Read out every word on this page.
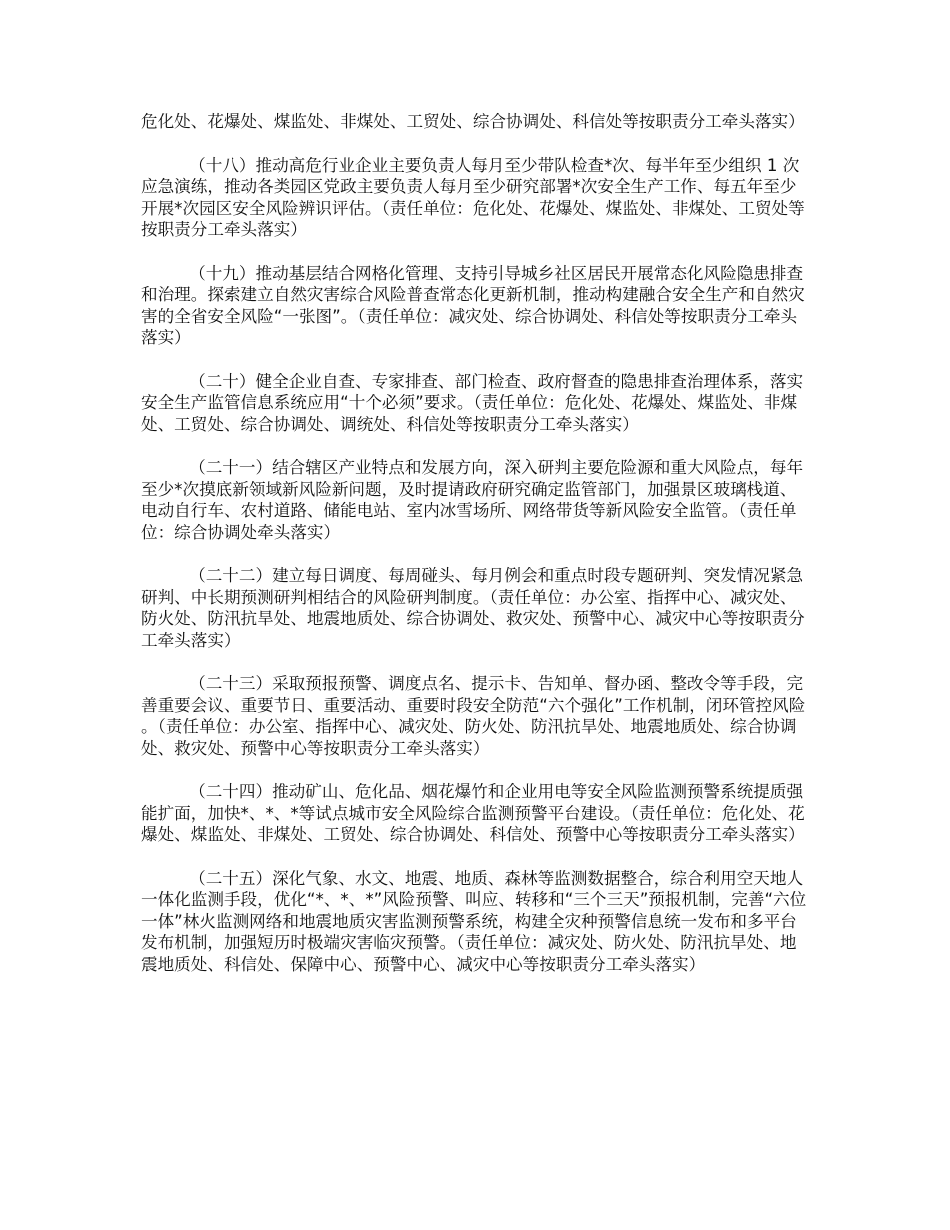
危化处、花爆处、煤监处、非煤处、工贸处、综合协调处、科信处等按职责分工牵头落实）

（十八）推动高危行业企业主要负责人每月至少带队检查*次、每半年至少组织 1 次应急演练，推动各类园区党政主要负责人每月至少研究部署*次安全生产工作、每五年至少开展*次园区安全风险辨识评估。（责任单位：危化处、花爆处、煤监处、非煤处、工贸处等按职责分工牵头落实）

（十九）推动基层结合网格化管理、支持引导城乡社区居民开展常态化风险隐患排查和治理。探索建立自然灾害综合风险普查常态化更新机制，推动构建融合安全生产和自然灾害的全省安全风险“一张图”。（责任单位：减灾处、综合协调处、科信处等按职责分工牵头落实）

（二十）健全企业自查、专家排查、部门检查、政府督查的隐患排查治理体系，落实安全生产监管信息系统应用“十个必须”要求。（责任单位：危化处、花爆处、煤监处、非煤处、工贸处、综合协调处、调统处、科信处等按职责分工牵头落实）

（二十一）结合辖区产业特点和发展方向，深入研判主要危险源和重大风险点，每年至少*次摸底新领域新风险新问题，及时提请政府研究确定监管部门，加强景区玻璃栈道、电动自行车、农村道路、储能电站、室内冰雪场所、网络带货等新风险安全监管。（责任单位：综合协调处牵头落实）

（二十二）建立每日调度、每周碰头、每月例会和重点时段专题研判、突发情况紧急研判、中长期预测研判相结合的风险研判制度。（责任单位：办公室、指挥中心、减灾处、防火处、防汛抗旱处、地震地质处、综合协调处、救灾处、预警中心、减灾中心等按职责分工牵头落实）

（二十三）采取预报预警、调度点名、提示卡、告知单、督办函、整改令等手段，完善重要会议、重要节日、重要活动、重要时段安全防范“六个强化”工作机制，闭环管控风险。（责任单位：办公室、指挥中心、减灾处、防火处、防汛抗旱处、地震地质处、综合协调处、救灾处、预警中心等按职责分工牵头落实）

（二十四）推动矿山、危化品、烟花爆竹和企业用电等安全风险监测预警系统提质强能扩面，加快*、*、*等试点城市安全风险综合监测预警平台建设。（责任单位：危化处、花爆处、煤监处、非煤处、工贸处、综合协调处、科信处、预警中心等按职责分工牵头落实）

（二十五）深化气象、水文、地震、地质、森林等监测数据整合，综合利用空天地人一体化监测手段，优化“*、*、*”风险预警、叫应、转移和“三个三天”预报机制，完善“六位一体”林火监测网络和地震地质灾害监测预警系统，构建全灾种预警信息统一发布和多平台发布机制，加强短历时极端灾害临灾预警。（责任单位：减灾处、防火处、防汛抗旱处、地震地质处、科信处、保障中心、预警中心、减灾中心等按职责分工牵头落实）
